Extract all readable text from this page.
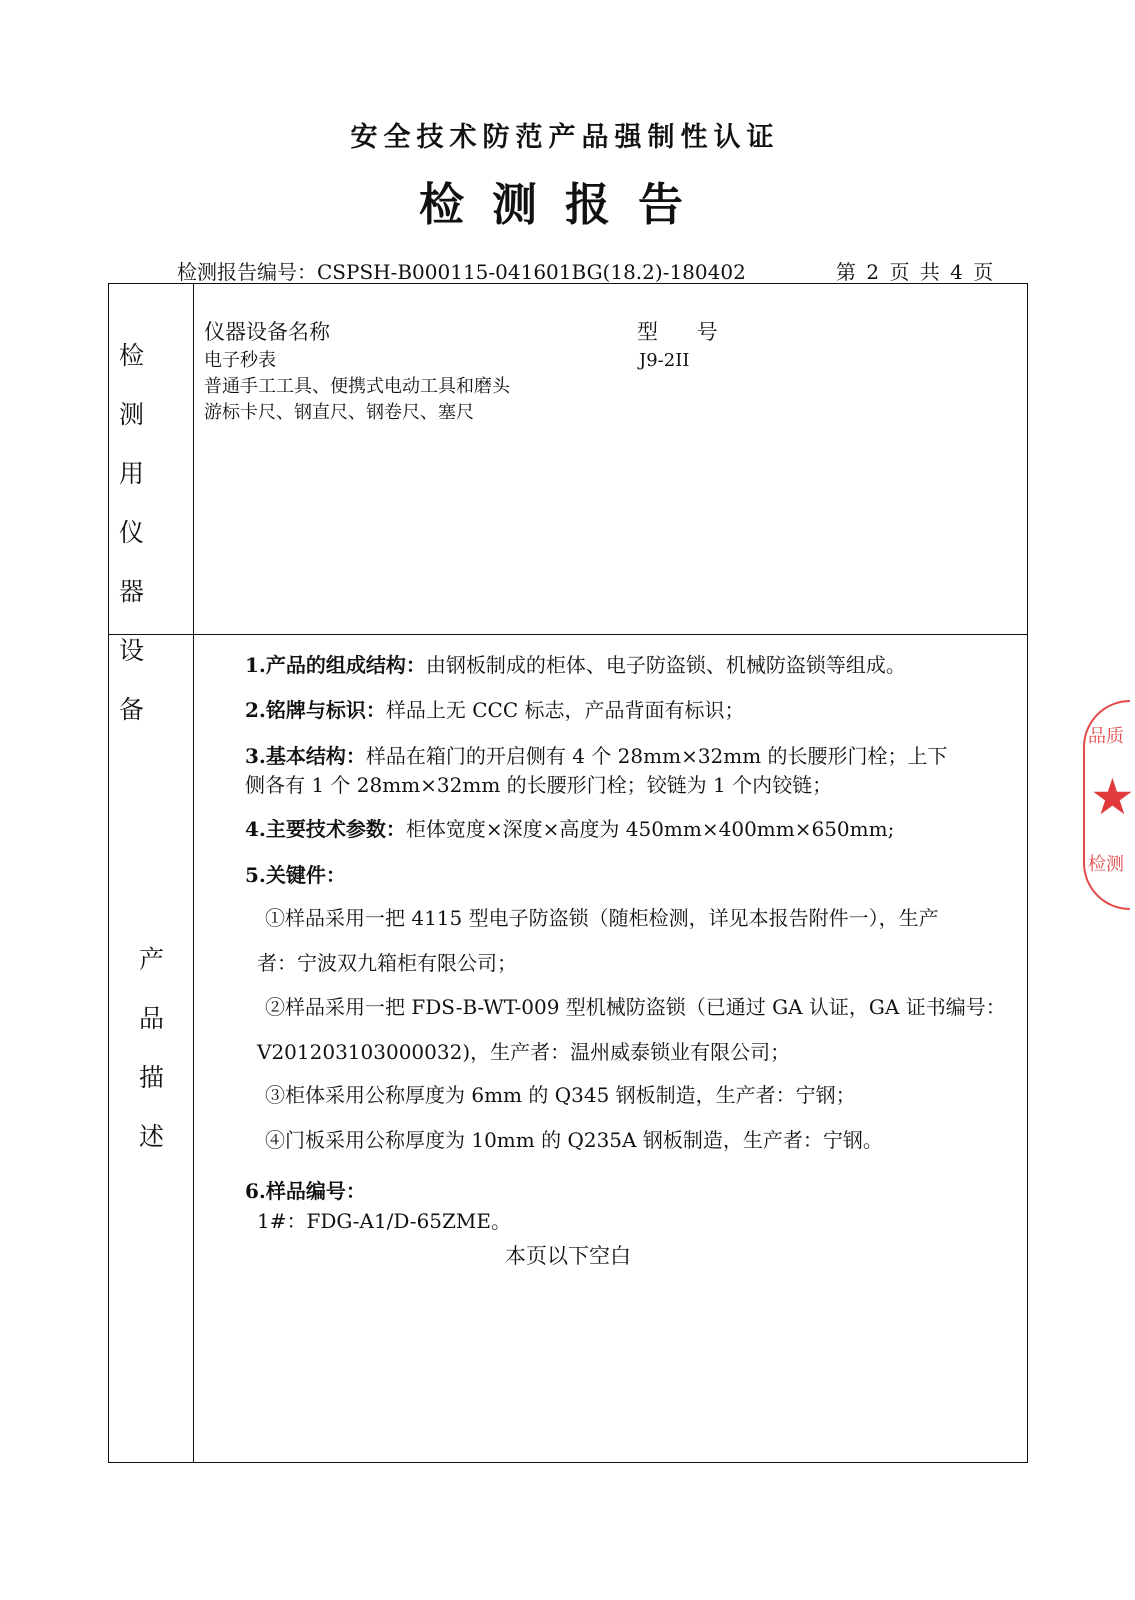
安全技术防范产品强制性认证
检测报告
检测报告编号：CSPSH-B000115-041601BG(18.2)-180402	第 2 页 共 4 页
检 测
用 仪
器 设
备
仪器设备名称	型 号
电子秒表
普通手工工具、便携式电动工具和磨头
游标卡尺、钢直尺、钢卷尺、塞尺
J9-2II
产
品
描
述
1.产品的组成结构：由钢板制成的柜体、电子防盗锁、机械防盗锁等组成。
2.铭牌与标识：样品上无 CCC 标志，产品背面有标识；
3.基本结构：样品在箱门的开启侧有 4 个 28mm×32mm 的长腰形门栓；上下
侧各有 1 个 28mm×32mm 的长腰形门栓；铰链为 1 个内铰链；
4.主要技术参数：柜体宽度×深度×高度为 450mm×400mm×650mm;
5.关键件：
①样品采用一把 4115 型电子防盗锁（随柜检测，详见本报告附件一），生产
者：宁波双九箱柜有限公司；
②样品采用一把 FDS-B-WT-009 型机械防盗锁（已通过 GA 认证，GA 证书编号：
V201203103000032)，生产者：温州威泰锁业有限公司；
③柜体采用公称厚度为 6mm 的 Q345 钢板制造，生产者：宁钢；
④门板采用公称厚度为 10mm 的 Q235A 钢板制造，生产者：宁钢。
6.样品编号：
1#：FDG-A1/D-65ZME。
本页以下空白
品质
★
检测
